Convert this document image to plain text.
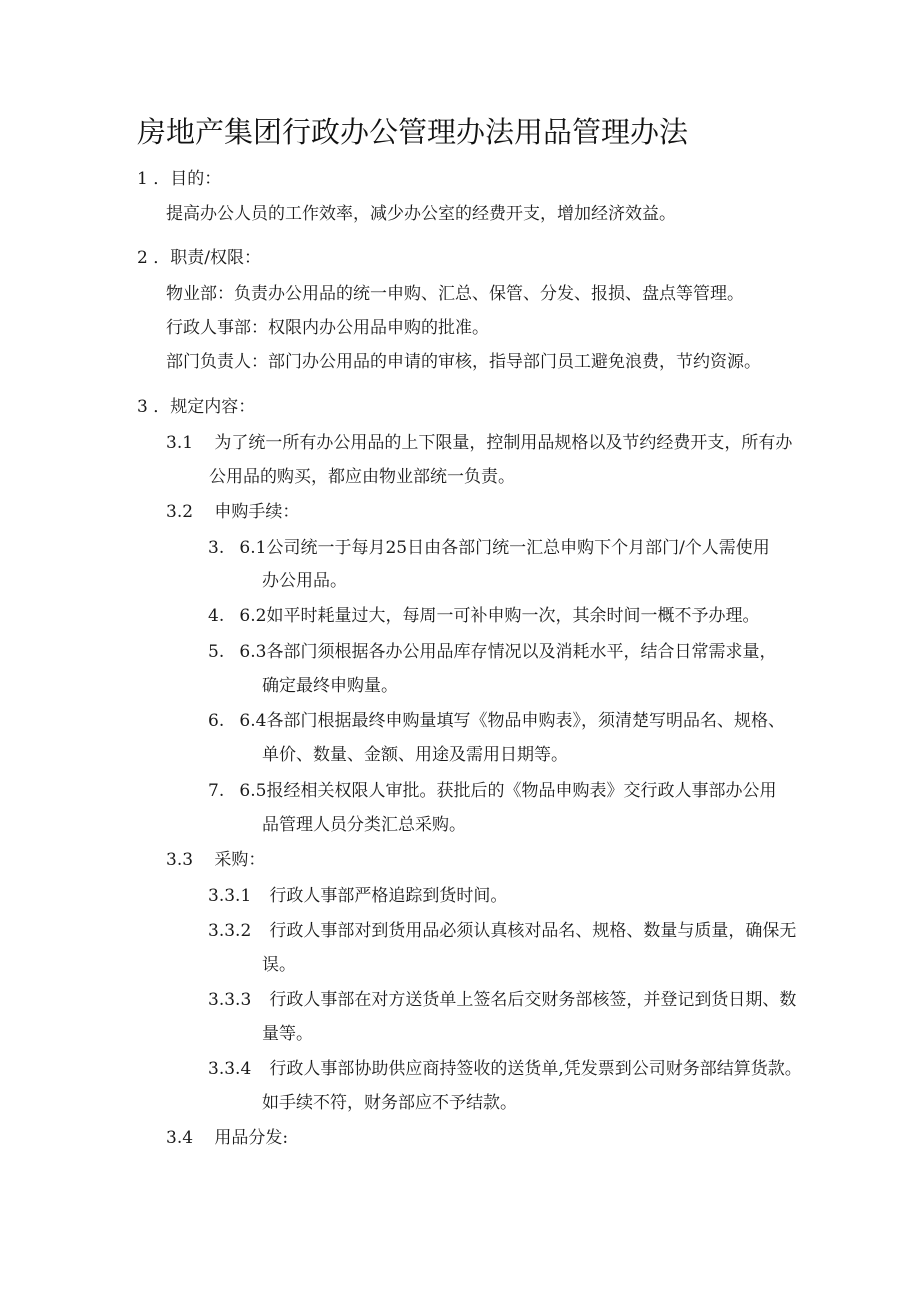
房地产集团行政办公管理办法用品管理办法
1 ．目的：
提高办公人员的工作效率，减少办公室的经费开支，增加经济效益。
2 ．职责/权限：
物业部：负责办公用品的统一申购、汇总、保管、分发、报损、盘点等管理。
行政人事部：权限内办公用品申购的批准。
部门负责人：部门办公用品的申请的审核，指导部门员工避免浪费，节约资源。
3 ．规定内容：
3.1 为了统一所有办公用品的上下限量，控制用品规格以及节约经费开支，所有办
公用品的购买，都应由物业部统一负责。
3.2 申购手续：
3. 6.1公司统一于每月25日由各部门统一汇总申购下个月部门/个人需使用
办公用品。
4. 6.2如平时耗量过大，每周一可补申购一次，其余时间一概不予办理。
5. 6.3各部门须根据各办公用品库存情况以及消耗水平，结合日常需求量，
确定最终申购量。
6. 6.4各部门根据最终申购量填写《物品申购表》，须清楚写明品名、规格、
单价、数量、金额、用途及需用日期等。
7. 6.5报经相关权限人审批。获批后的《物品申购表》交行政人事部办公用
品管理人员分类汇总采购。
3.3 采购：
3.3.1 行政人事部严格追踪到货时间。
3.3.2 行政人事部对到货用品必须认真核对品名、规格、数量与质量，确保无
误。
3.3.3 行政人事部在对方送货单上签名后交财务部核签，并登记到货日期、数
量等。
3.3.4 行政人事部协助供应商持签收的送货单,凭发票到公司财务部结算货款。
如手续不符，财务部应不予结款。
3.4 用品分发:
